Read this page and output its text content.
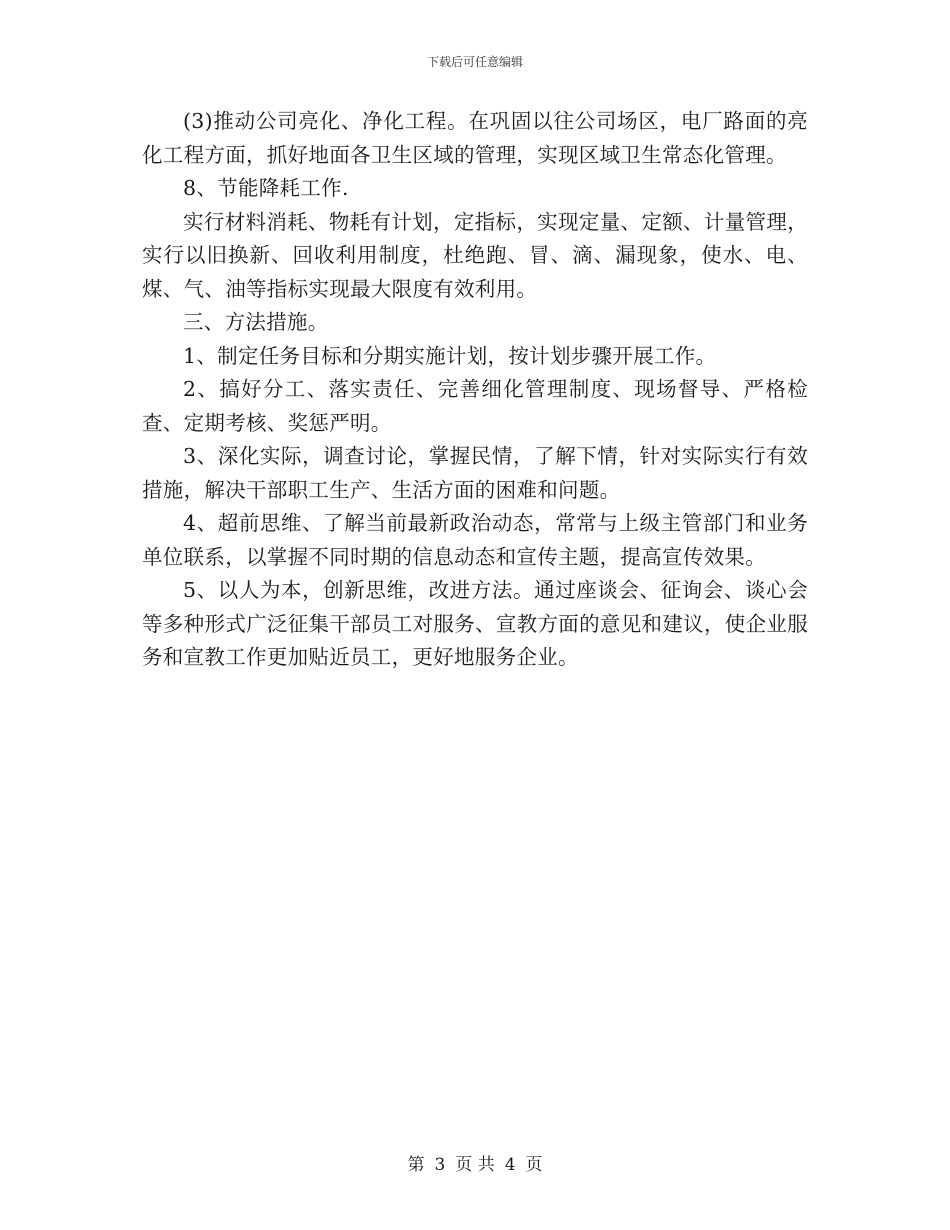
下载后可任意编辑

(3)推动公司亮化、净化工程。在巩固以往公司场区，电厂路面的亮化工程方面，抓好地面各卫生区域的管理，实现区域卫生常态化管理。

8、节能降耗工作.

实行材料消耗、物耗有计划，定指标，实现定量、定额、计量管理，实行以旧换新、回收利用制度，杜绝跑、冒、滴、漏现象，使水、电、煤、气、油等指标实现最大限度有效利用。

三、方法措施。

1、制定任务目标和分期实施计划，按计划步骤开展工作。

2、搞好分工、落实责任、完善细化管理制度、现场督导、严格检查、定期考核、奖惩严明。

3、深化实际，调查讨论，掌握民情，了解下情，针对实际实行有效措施，解决干部职工生产、生活方面的困难和问题。

4、超前思维、了解当前最新政治动态，常常与上级主管部门和业务单位联系，以掌握不同时期的信息动态和宣传主题，提高宣传效果。

5、以人为本，创新思维，改进方法。通过座谈会、征询会、谈心会等多种形式广泛征集干部员工对服务、宣教方面的意见和建议，使企业服务和宣教工作更加贴近员工，更好地服务企业。

第 3 页 共 4 页
